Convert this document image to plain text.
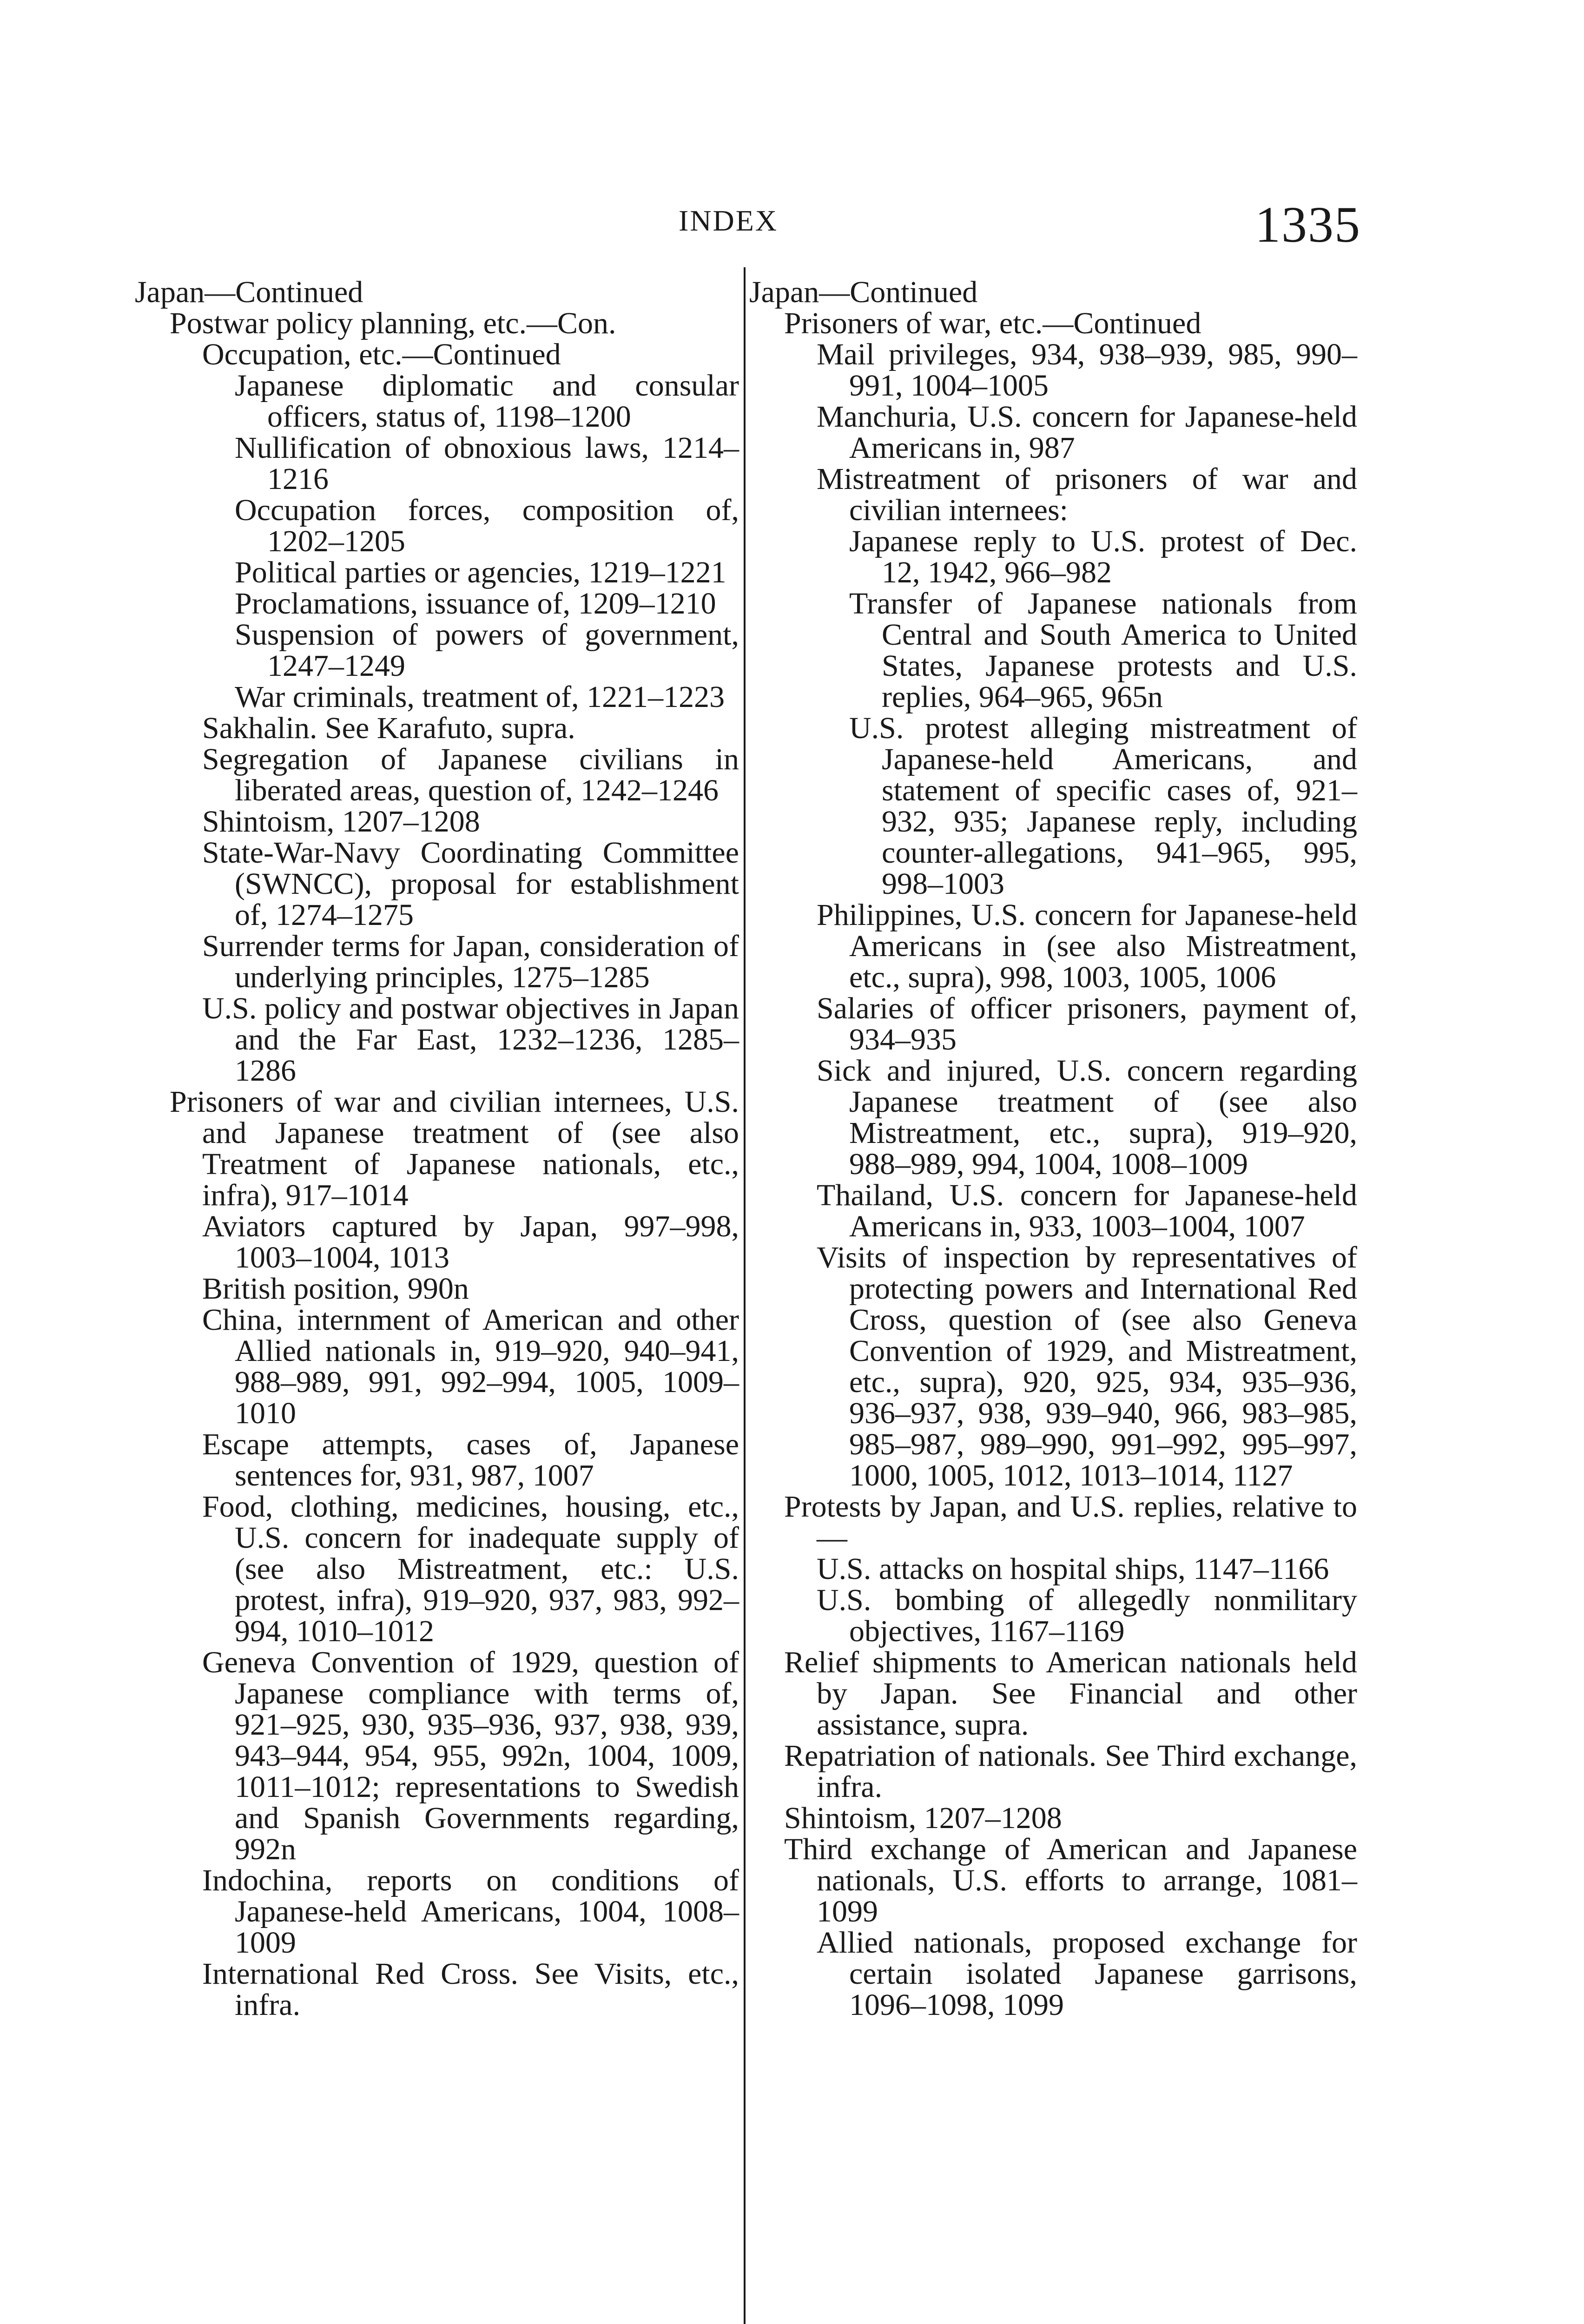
INDEX	1335

Japan—Continued

Postwar policy planning, etc.—Con.

Occupation, etc.—Continued

Japanese diplomatic and consular officers, status of, 1198–1200

Nullification of obnoxious laws, 1214–1216

Occupation forces, composition of, 1202–1205

Political parties or agencies, 1219–1221

Proclamations, issuance of, 1209–1210

Suspension of powers of government, 1247–1249

War criminals, treatment of, 1221–1223

Sakhalin. See Karafuto, supra.

Segregation of Japanese civilians in liberated areas, question of, 1242–1246

Shintoism, 1207–1208

State-War-Navy Coordinating Committee (SWNCC), proposal for establishment of, 1274–1275

Surrender terms for Japan, consideration of underlying principles, 1275–1285

U.S. policy and postwar objectives in Japan and the Far East, 1232–1236, 1285–1286

Prisoners of war and civilian internees, U.S. and Japanese treatment of (see also Treatment of Japanese nationals, etc., infra), 917–1014

Aviators captured by Japan, 997–998, 1003–1004, 1013

British position, 990n

China, internment of American and other Allied nationals in, 919–920, 940–941, 988–989, 991, 992–994, 1005, 1009–1010

Escape attempts, cases of, Japanese sentences for, 931, 987, 1007

Food, clothing, medicines, housing, etc., U.S. concern for inadequate supply of (see also Mistreatment, etc.: U.S. protest, infra), 919–920, 937, 983, 992–994, 1010–1012

Geneva Convention of 1929, question of Japanese compliance with terms of, 921–925, 930, 935–936, 937, 938, 939, 943–944, 954, 955, 992n, 1004, 1009, 1011–1012; representations to Swedish and Spanish Governments regarding, 992n

Indochina, reports on conditions of Japanese-held Americans, 1004, 1008–1009

International Red Cross. See Visits, etc., infra.

Japan—Continued

Prisoners of war, etc.—Continued

Mail privileges, 934, 938–939, 985, 990–991, 1004–1005

Manchuria, U.S. concern for Japanese-held Americans in, 987

Mistreatment of prisoners of war and civilian internees:

Japanese reply to U.S. protest of Dec. 12, 1942, 966–982

Transfer of Japanese nationals from Central and South America to United States, Japanese protests and U.S. replies, 964–965, 965n

U.S. protest alleging mistreatment of Japanese-held Americans, and statement of specific cases of, 921–932, 935; Japanese reply, including counter-allegations, 941–965, 995, 998–1003

Philippines, U.S. concern for Japanese-held Americans in (see also Mistreatment, etc., supra), 998, 1003, 1005, 1006

Salaries of officer prisoners, payment of, 934–935

Sick and injured, U.S. concern regarding Japanese treatment of (see also Mistreatment, etc., supra), 919–920, 988–989, 994, 1004, 1008–1009

Thailand, U.S. concern for Japanese-held Americans in, 933, 1003–1004, 1007

Visits of inspection by representatives of protecting powers and International Red Cross, question of (see also Geneva Convention of 1929, and Mistreatment, etc., supra), 920, 925, 934, 935–936, 936–937, 938, 939–940, 966, 983–985, 985–987, 989–990, 991–992, 995–997, 1000, 1005, 1012, 1013–1014, 1127

Protests by Japan, and U.S. replies, relative to—

U.S. attacks on hospital ships, 1147–1166

U.S. bombing of allegedly nonmilitary objectives, 1167–1169

Relief shipments to American nationals held by Japan. See Financial and other assistance, supra.

Repatriation of nationals. See Third exchange, infra.

Shintoism, 1207–1208

Third exchange of American and Japanese nationals, U.S. efforts to arrange, 1081–1099

Allied nationals, proposed exchange for certain isolated Japanese garrisons, 1096–1098, 1099
